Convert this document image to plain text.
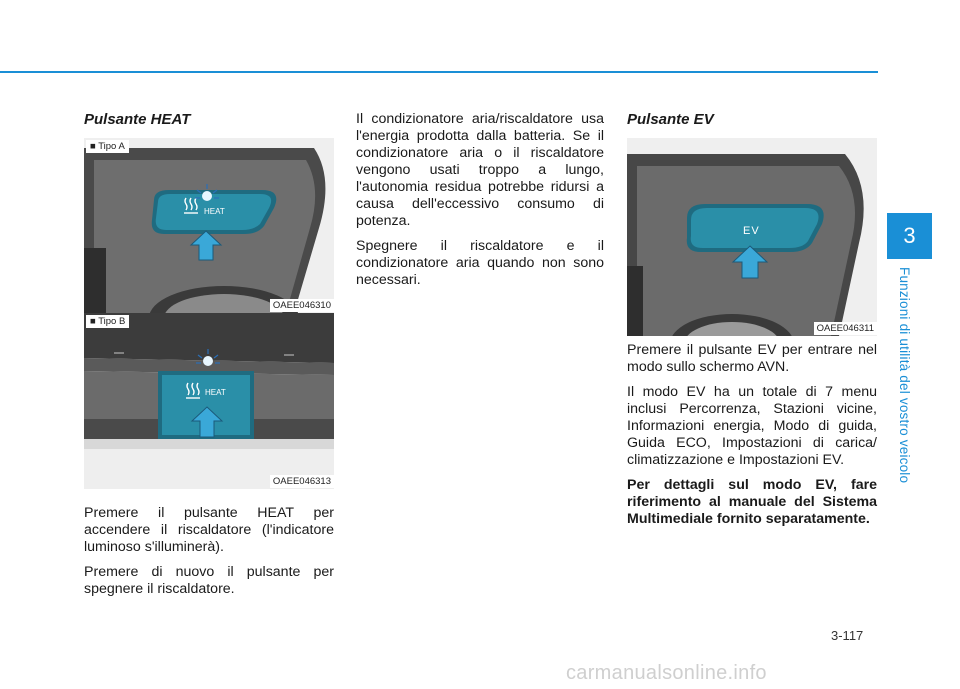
3
Funzioni di utilità del vostro veicolo
Pulsante HEAT
HEAT
■ Tipo A
OAEE046310
HEAT
■ Tipo B
OAEE046313

Premere il pulsante HEAT per accendere il riscaldatore (l'indicatore luminoso s'illuminerà).

Premere di nuovo il pulsante per spegnere il riscaldatore.

Il condizionatore aria/riscaldatore usa l'energia prodotta dalla batteria. Se il condizionatore aria o il riscaldatore vengono usati troppo a lungo, l'autonomia residua potrebbe ridursi a causa dell'eccessivo consumo di potenza.

Spegnere il riscaldatore e il condizionatore aria quando non sono necessari.

Pulsante EV
EV
OAEE046311

Premere il pulsante EV per entrare nel modo sullo schermo AVN.

Il modo EV ha un totale di 7 menu inclusi Percorrenza, Stazioni vicine, Informazioni energia, Modo di guida, Guida ECO, Impostazioni di carica/ climatizzazione e Impostazioni EV.

Per dettagli sul modo EV, fare riferimento al manuale del Sistema Multimediale fornito separatamente.

3-117
carmanualsonline.info
